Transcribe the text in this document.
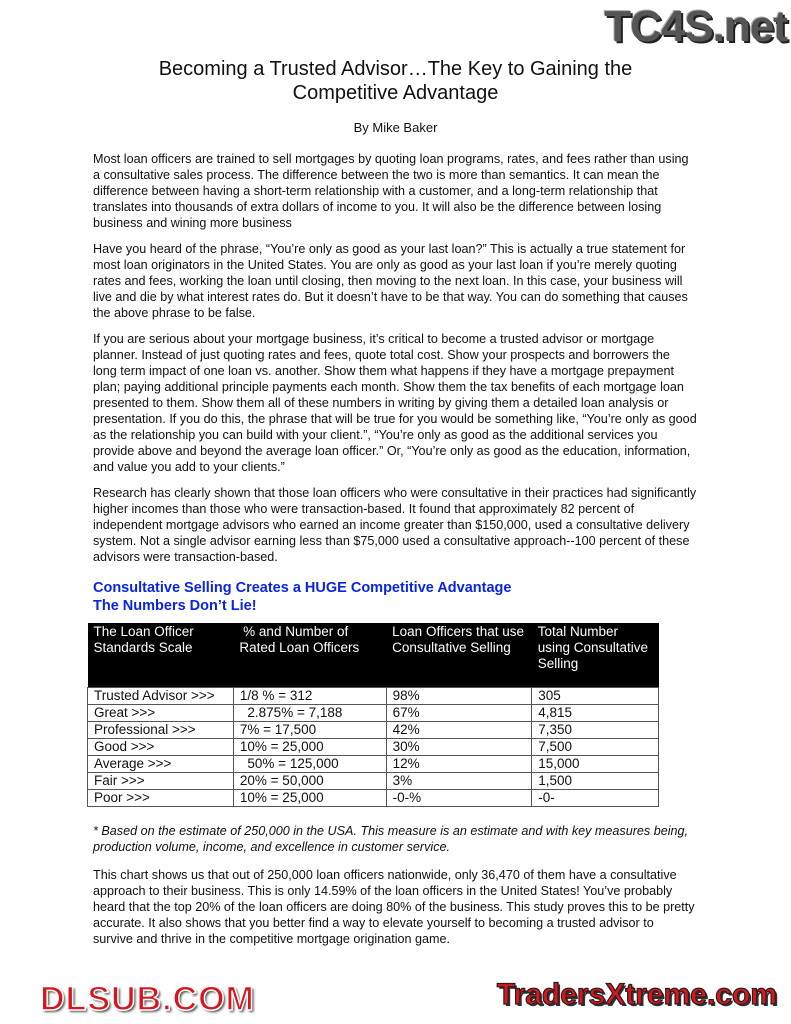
TC4S.net
Becoming a Trusted Advisor…The Key to Gaining the
Competitive Advantage
By Mike Baker

Most loan officers are trained to sell mortgages by quoting loan programs, rates, and fees rather than using a consultative sales process. The difference between the two is more than semantics. It can mean the difference between having a short-term relationship with a customer, and a long-term relationship that translates into thousands of extra dollars of income to you. It will also be the difference between losing business and wining more business

Have you heard of the phrase, “You’re only as good as your last loan?” This is actually a true statement for most loan originators in the United States. You are only as good as your last loan if you’re merely quoting rates and fees, working the loan until closing, then moving to the next loan. In this case, your business will live and die by what interest rates do. But it doesn’t have to be that way. You can do something that causes the above phrase to be false.

If you are serious about your mortgage business, it’s critical to become a trusted advisor or mortgage planner. Instead of just quoting rates and fees, quote total cost. Show your prospects and borrowers the long term impact of one loan vs. another. Show them what happens if they have a mortgage prepayment plan; paying additional principle payments each month. Show them the tax benefits of each mortgage loan presented to them. Show them all of these numbers in writing by giving them a detailed loan analysis or presentation. If you do this, the phrase that will be true for you would be something like, “You’re only as good as the relationship you can build with your client.”, “You’re only as good as the additional services you provide above and beyond the average loan officer.” Or, “You’re only as good as the education, information, and value you add to your clients.”

Research has clearly shown that those loan officers who were consultative in their practices had significantly higher incomes than those who were transaction-based. It found that approximately 82 percent of independent mortgage advisors who earned an income greater than $150,000, used a consultative delivery system. Not a single advisor earning less than $75,000 used a consultative approach--100 percent of these advisors were transaction-based.

Consultative Selling Creates a HUGE Competitive Advantage
The Numbers Don’t Lie!
The Loan Officer Standards Scale	% and Number of Rated Loan Officers	Loan Officers that use Consultative Selling	Total Number using Consultative Selling
Trusted Advisor >>>	1/8 % = 312	98%	305
Great >>>	2.875% = 7,188	67%	4,815
Professional >>>	7% = 17,500	42%	7,350
Good >>>	10% = 25,000	30%	7,500
Average >>>	50% = 125,000	12%	15,000
Fair >>>	20% = 50,000	3%	1,500
Poor >>>	10% = 25,000	-0-%	-0-
* Based on the estimate of 250,000 in the USA. This measure is an estimate and with key measures being, production volume, income, and excellence in customer service.

This chart shows us that out of 250,000 loan officers nationwide, only 36,470 of them have a consultative approach to their business. This is only 14.59% of the loan officers in the United States! You’ve probably heard that the top 20% of the loan officers are doing 80% of the business. This study proves this to be pretty accurate. It also shows that you better find a way to elevate yourself to becoming a trusted advisor to survive and thrive in the competitive mortgage origination game.

DLSUB.COM	TradersXtreme.com
